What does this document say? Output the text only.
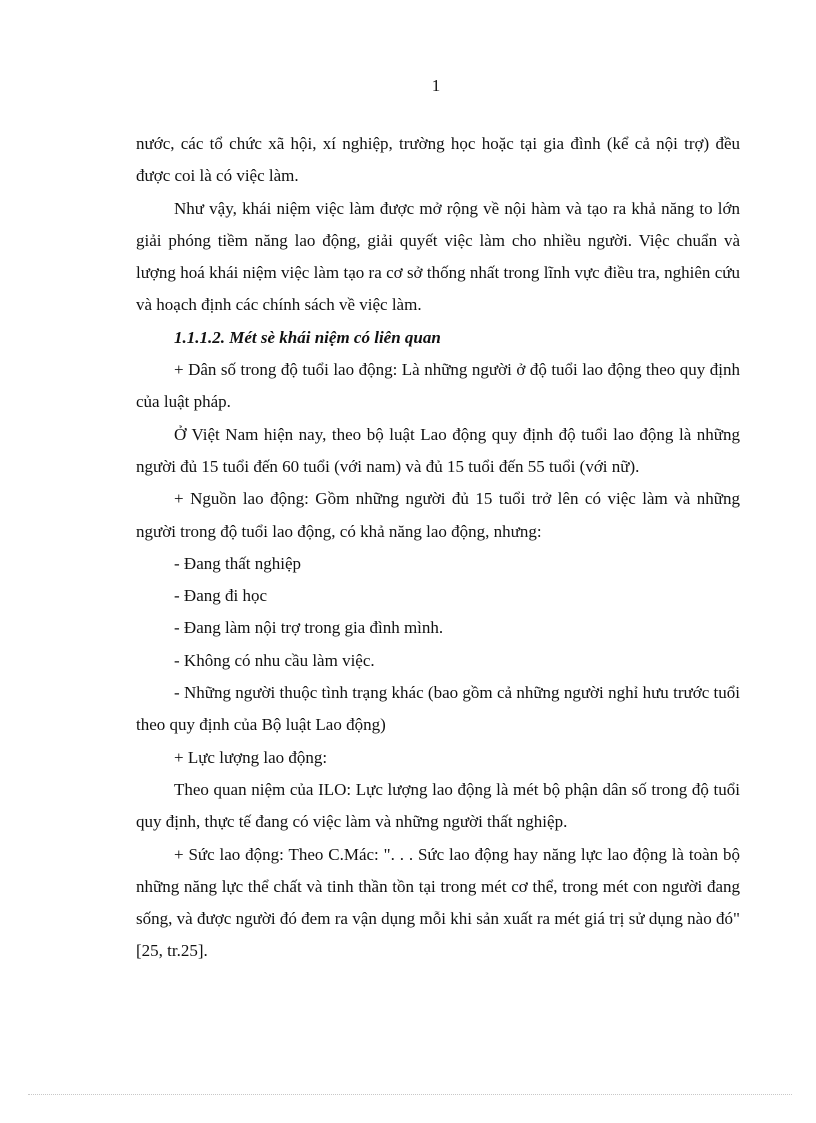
1

nước, các tổ chức xã hội, xí nghiệp, trường học hoặc tại gia đình (kể cả nội trợ) đều được coi là có việc làm.

Như vậy, khái niệm việc làm được mở rộng về nội hàm và tạo ra khả năng to lớn giải phóng tiềm năng lao động, giải quyết việc làm cho nhiều người. Việc chuẩn và lượng hoá khái niệm việc làm tạo ra cơ sở thống nhất trong lĩnh vực điều tra, nghiên cứu và hoạch định các chính sách về việc làm.

1.1.1.2. Mét sè khái niệm có liên quan

+ Dân số trong độ tuổi lao động: Là những người ở độ tuổi lao động theo quy định của luật pháp.

Ở Việt Nam hiện nay, theo bộ luật Lao động quy định độ tuổi lao động là những người đủ 15 tuổi đến 60 tuổi (với nam) và đủ 15 tuổi đến 55 tuổi (với nữ).

+ Nguồn lao động: Gồm những người đủ 15 tuổi trở lên có việc làm và những người trong độ tuổi lao động, có khả năng lao động, nhưng:

- Đang thất nghiệp

- Đang đi học

- Đang làm nội trợ trong gia đình mình.

- Không có nhu cầu làm việc.

- Những người thuộc tình trạng khác (bao gồm cả những người nghỉ hưu trước tuổi theo quy định của Bộ luật Lao động)

+ Lực lượng lao động:

Theo quan niệm của ILO: Lực lượng lao động là mét bộ phận dân số trong độ tuổi quy định, thực tế đang có việc làm và những người thất nghiệp.

+ Sức lao động: Theo C.Mác: ". . . Sức lao động hay năng lực lao động là toàn bộ những năng lực thể chất và tinh thần tồn tại trong mét cơ thể, trong mét con người đang sống, và được người đó đem ra vận dụng mỗi khi sản xuất ra mét giá trị sử dụng nào đó" [25, tr.25].
